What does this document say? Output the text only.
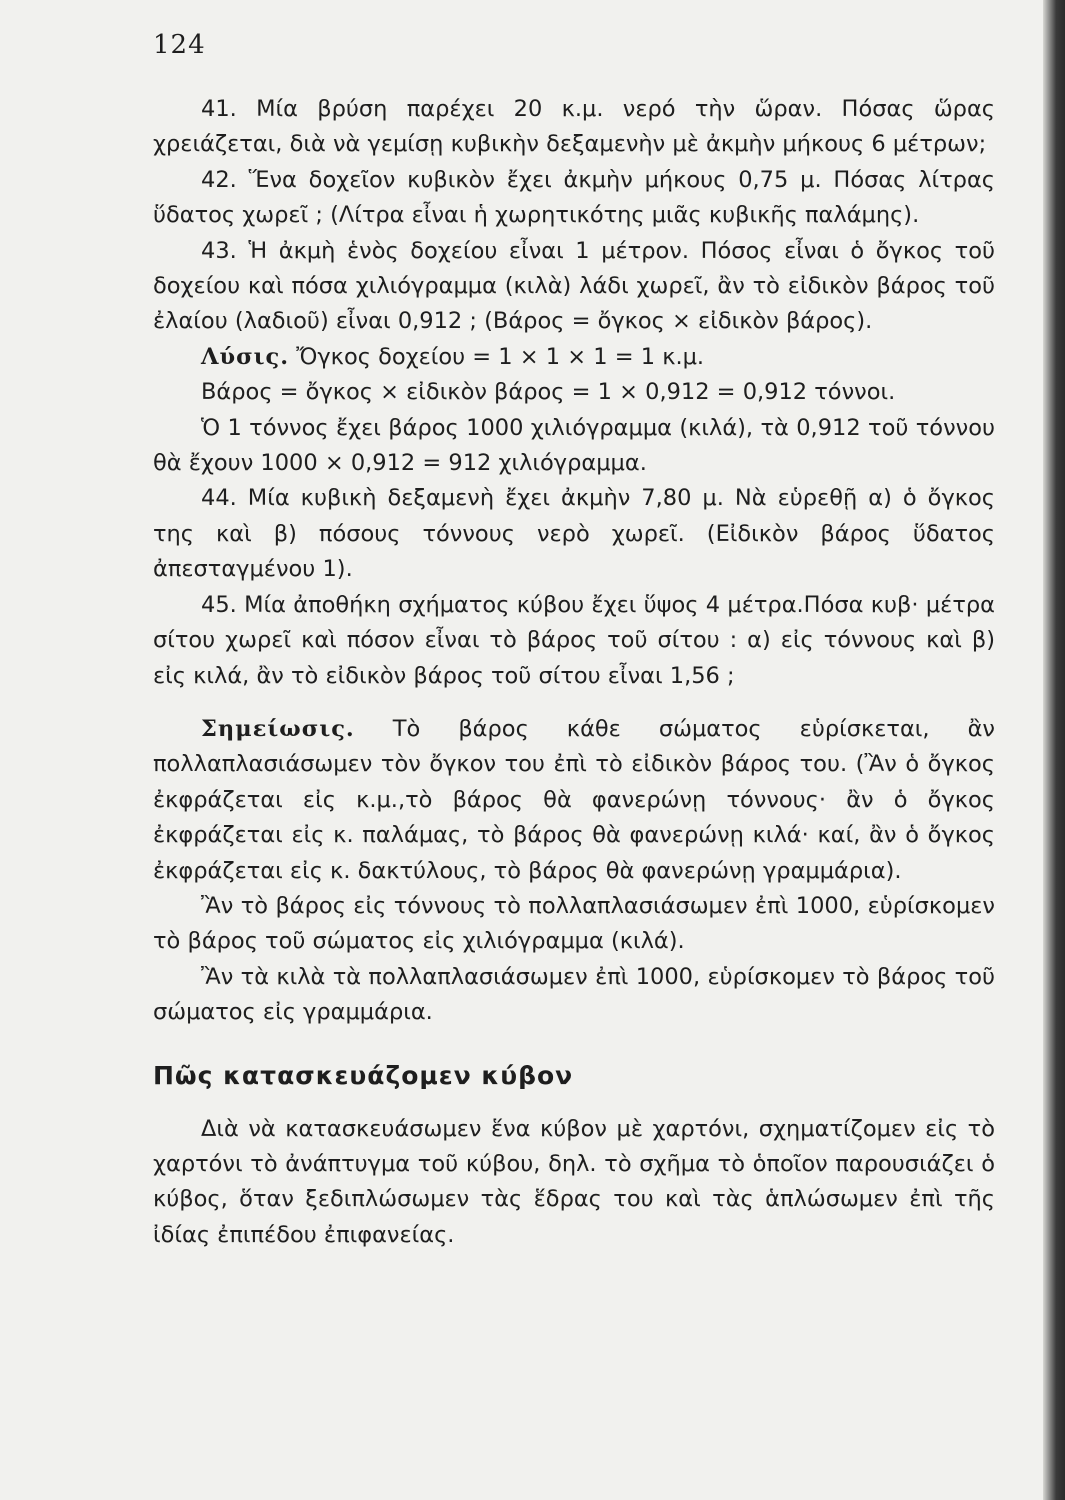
124

41. Μία βρύση παρέχει 20 κ.μ. νερό τὴν ὥραν. Πόσας ὥρας χρειάζεται, διὰ νὰ γεμίσῃ κυβικὴν δεξαμενὴν μὲ ἀκμὴν μήκους 6 μέτρων;

42. Ἕνα δοχεῖον κυβικὸν ἔχει ἀκμὴν μήκους 0,75 μ. Πόσας λίτρας ὕδατος χωρεῖ ; (Λίτρα εἶναι ἡ χωρητικότης μιᾶς κυβικῆς παλάμης).

43. Ἡ ἀκμὴ ἑνὸς δοχείου εἶναι 1 μέτρον. Πόσος εἶναι ὁ ὄγκος τοῦ δοχείου καὶ πόσα χιλιόγραμμα (κιλὰ) λάδι χωρεῖ, ἂν τὸ εἰδικὸν βάρος τοῦ ἐλαίου (λαδιοῦ) εἶναι 0,912 ; (Βάρος = ὄγκος × εἰδικὸν βάρος).

Λύσις. Ὄγκος δοχείου = 1 × 1 × 1 = 1 κ.μ.

Βάρος = ὄγκος × εἰδικὸν βάρος = 1 × 0,912 = 0,912 τόννοι.

Ὁ 1 τόννος ἔχει βάρος 1000 χιλιόγραμμα (κιλά), τὰ 0,912 τοῦ τόννου θὰ ἔχουν 1000 × 0,912 = 912 χιλιόγραμμα.

44. Μία κυβικὴ δεξαμενὴ ἔχει ἀκμὴν 7,80 μ. Νὰ εὑρεθῇ α) ὁ ὄγκος της καὶ β) πόσους τόννους νερὸ χωρεῖ. (Εἰδικὸν βάρος ὕδατος ἀπεσταγμένου 1).

45. Μία ἀποθήκη σχήματος κύβου ἔχει ὕψος 4 μέτρα.Πόσα κυβ· μέτρα σίτου χωρεῖ καὶ πόσον εἶναι τὸ βάρος τοῦ σίτου : α) εἰς τόννους καὶ β) εἰς κιλά, ἂν τὸ εἰδικὸν βάρος τοῦ σίτου εἶναι 1,56 ;

Σημείωσις. Τὸ βάρος κάθε σώματος εὑρίσκεται, ἂν πολλαπλασιάσωμεν τὸν ὄγκον του ἐπὶ τὸ εἰδικὸν βάρος του. (Ἂν ὁ ὄγκος ἐκφράζεται εἰς κ.μ.,τὸ βάρος θὰ φανερώνῃ τόννους· ἂν ὁ ὄγκος ἐκφράζεται εἰς κ. παλάμας, τὸ βάρος θὰ φανερώνῃ κιλά· καί, ἂν ὁ ὄγκος ἐκφράζεται εἰς κ. δακτύλους, τὸ βάρος θὰ φανερώνῃ γραμμάρια).

Ἂν τὸ βάρος εἰς τόννους τὸ πολλαπλασιάσωμεν ἐπὶ 1000, εὑρίσκομεν τὸ βάρος τοῦ σώματος εἰς χιλιόγραμμα (κιλά).

Ἂν τὰ κιλὰ τὰ πολλαπλασιάσωμεν ἐπὶ 1000, εὑρίσκομεν τὸ βάρος τοῦ σώματος εἰς γραμμάρια.

Πῶς κατασκευάζομεν κύβον

Διὰ νὰ κατασκευάσωμεν ἕνα κύβον μὲ χαρτόνι, σχηματίζομεν εἰς τὸ χαρτόνι τὸ ἀνάπτυγμα τοῦ κύβου, δηλ. τὸ σχῆμα τὸ ὁποῖον παρουσιάζει ὁ κύβος, ὅταν ξεδιπλώσωμεν τὰς ἕδρας του καὶ τὰς ἁπλώσωμεν ἐπὶ τῆς ἰδίας ἐπιπέδου ἐπιφανείας.
